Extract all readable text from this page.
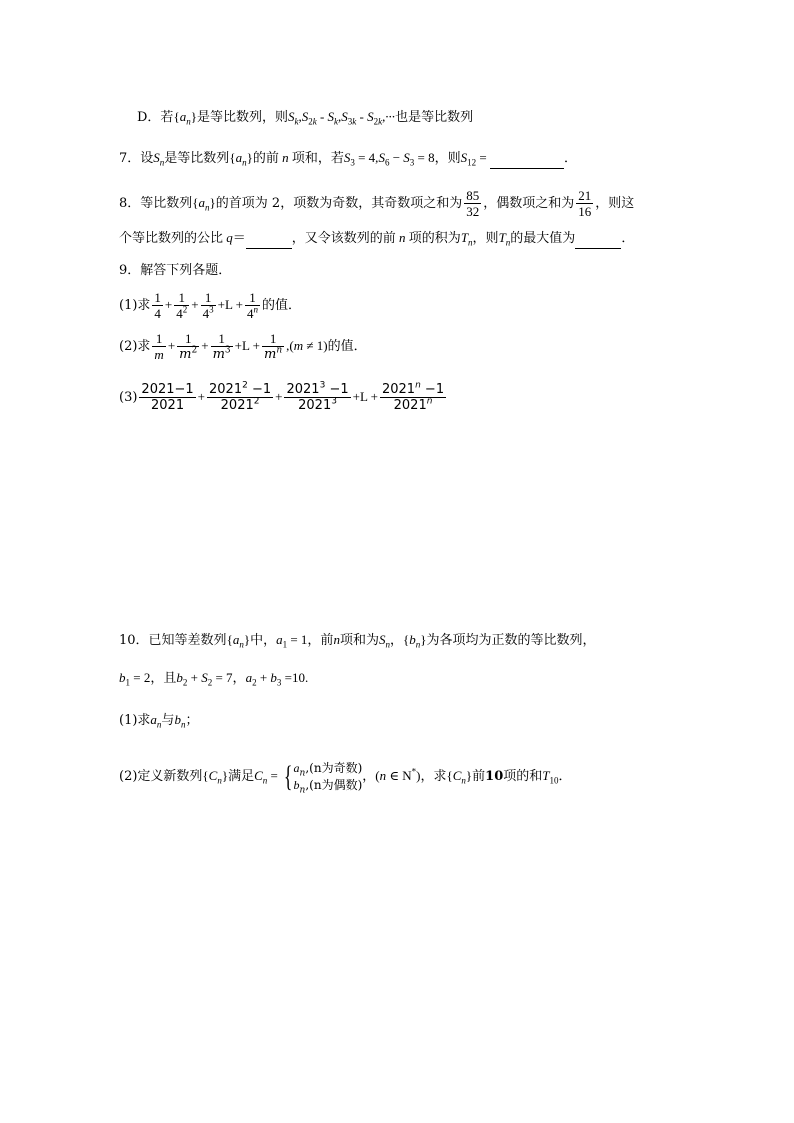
D．若$\{a_n\}$是等比数列，则$S_k,S_{2k} - S_k,S_{3k} - S_{2k},\cdot\cdot\cdot$也是等比数列
7．设$S_n$是等比数列$\{a_n\}$的前 n 项和，若$S_3 = 4,S_6 - S_3 = 8$，则$S_{12}$ =	．
8．等比数列$\{a_n\}$的首项为 2，项数为奇数，其奇数项之和为 $\frac{85}{32}$ ，偶数项之和为 $\frac{21}{16}$ ，则这
个等比数列的公比 q＝	，又令该数列的前 n 项的积为$T_n$，则$T_n$的最大值为	．
9．解答下列各题．
(1)求 $\frac{1}{4} + \frac{1}{4^2} + \frac{1}{4^3} +L + \frac{1}{4^n}$ 的值．
(2)求 $\frac{1}{m} + \frac{1}{m^2} + \frac{1}{m^3} +L + \frac{1}{m^n} ,(m \ne 1)$的值．
$(3) \frac{2021-1}{2021} + \frac{2021^2 -1}{2021^2} + \frac{2021^3 -1}{2021^3} +L + \frac{2021^n -1}{2021^n}$
10．已知等差数列$\{a_n\}$中，$a_1 = 1$，前n项和为$S_n$，$\{b_n\}$为各项均为正数的等比数列，
$b_1 = 2$，且$b_2 + S_2 = 7$，$a_2 + b_3 =10$.
(1)求$a_n$与$b_n$；
(2)定义新数列$\{C_n\}$满足$C_n$ = { $a_n,(n$为奇数)
$b_n,(n$为偶数)
，(n ∈ N*)，求$\{C_n\}$前10项的和$T_{10}$．
